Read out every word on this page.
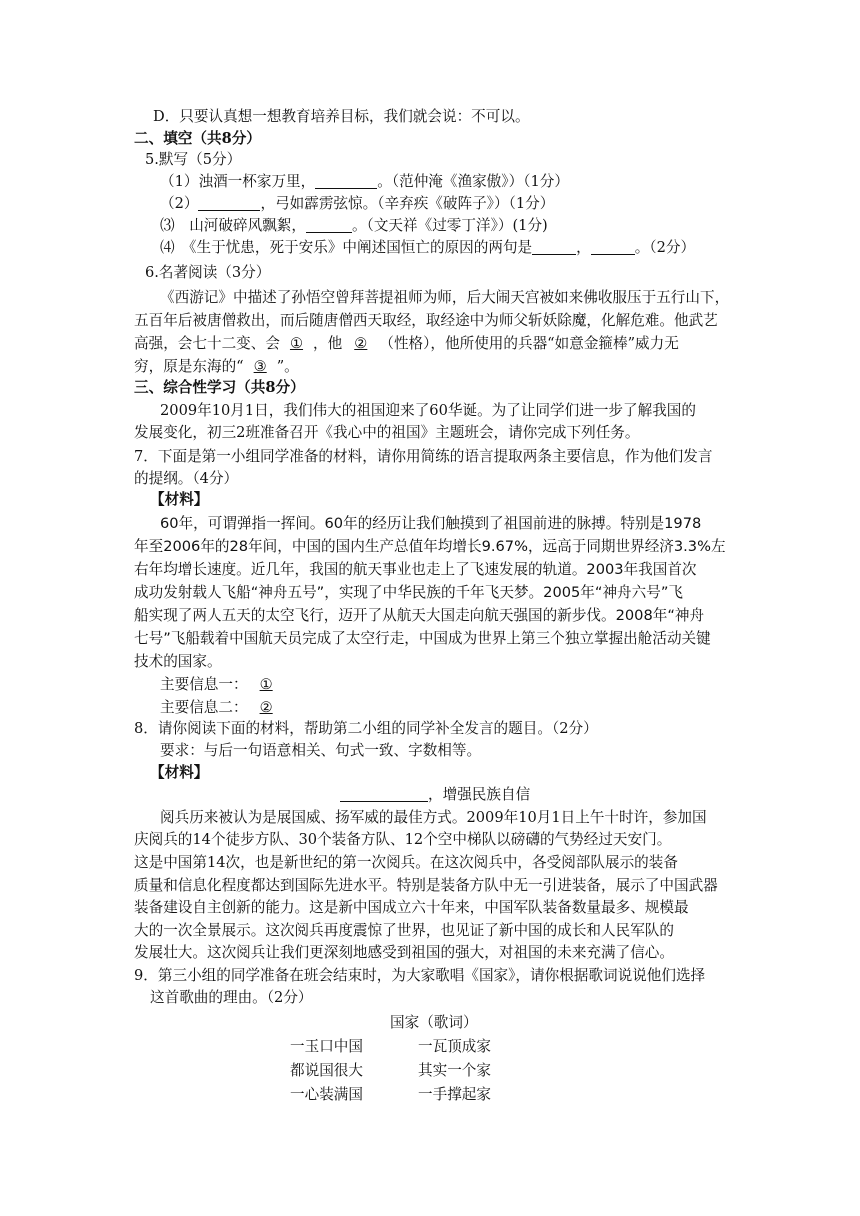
D．只要认真想一想教育培养目标，我们就会说：不可以。
二、填空（共8分）
5.默写（5分）
（1）浊酒一杯家万里，	。（范仲淹《渔家傲》）（1分）
（2）	，弓如霹雳弦惊。（辛弃疾《破阵子》）（1分）
⑶　山河破碎风飘絮，	。（文天祥《过零丁洋》）(1分)
⑷　《生于忧患，死于安乐》中阐述国恒亡的原因的两句是	，	。（2分）
6.名著阅读（3分）
《西游记》中描述了孙悟空曾拜菩提祖师为师，后大闹天宫被如来佛收服压于五行山下，
五百年后被唐僧救出，而后随唐僧西天取经，取经途中为师父斩妖除魔，化解危难。他武艺
高强，会七十二变、会 ① ，他 ② （性格），他所使用的兵器“如意金箍棒”威力无
穷，原是东海的“ ③ ”。
三、综合性学习（共8分）
2009年10月1日，我们伟大的祖国迎来了60华诞。为了让同学们进一步了解我国的
发展变化，初三2班准备召开《我心中的祖国》主题班会，请你完成下列任务。
7．下面是第一小组同学准备的材料，请你用简练的语言提取两条主要信息，作为他们发言
的提纲。（4分）
【材料】
60年，可谓弹指一挥间。60年的经历让我们触摸到了祖国前进的脉搏。特别是1978
年至2006年的28年间，中国的国内生产总值年均增长9.67%，远高于同期世界经济3.3%左
右年均增长速度。近几年，我国的航天事业也走上了飞速发展的轨道。2003年我国首次
成功发射载人飞船“神舟五号”，实现了中华民族的千年飞天梦。2005年“神舟六号”飞
船实现了两人五天的太空飞行，迈开了从航天大国走向航天强国的新步伐。2008年“神舟
七号”飞船载着中国航天员完成了太空行走，中国成为世界上第三个独立掌握出舱活动关键
技术的国家。
主要信息一： ①
主要信息二： ②
8．请你阅读下面的材料，帮助第二小组的同学补全发言的题目。（2分）
要求：与后一句语意相关、句式一致、字数相等。
【材料】
，增强民族自信
阅兵历来被认为是展国威、扬军威的最佳方式。2009年10月1日上午十时许，参加国
庆阅兵的14个徒步方队、30个装备方队、12个空中梯队以磅礴的气势经过天安门。
这是中国第14次，也是新世纪的第一次阅兵。在这次阅兵中，各受阅部队展示的装备
质量和信息化程度都达到国际先进水平。特别是装备方队中无一引进装备，展示了中国武器
装备建设自主创新的能力。这是新中国成立六十年来，中国军队装备数量最多、规模最
大的一次全景展示。这次阅兵再度震惊了世界，也见证了新中国的成长和人民军队的
发展壮大。这次阅兵让我们更深刻地感受到祖国的强大，对祖国的未来充满了信心。
9．第三小组的同学准备在班会结束时，为大家歌唱《国家》，请你根据歌词说说他们选择
这首歌曲的理由。（2分）
国家（歌词）
一玉口中国	一瓦顶成家
都说国很大	其实一个家
一心装满国	一手撑起家
